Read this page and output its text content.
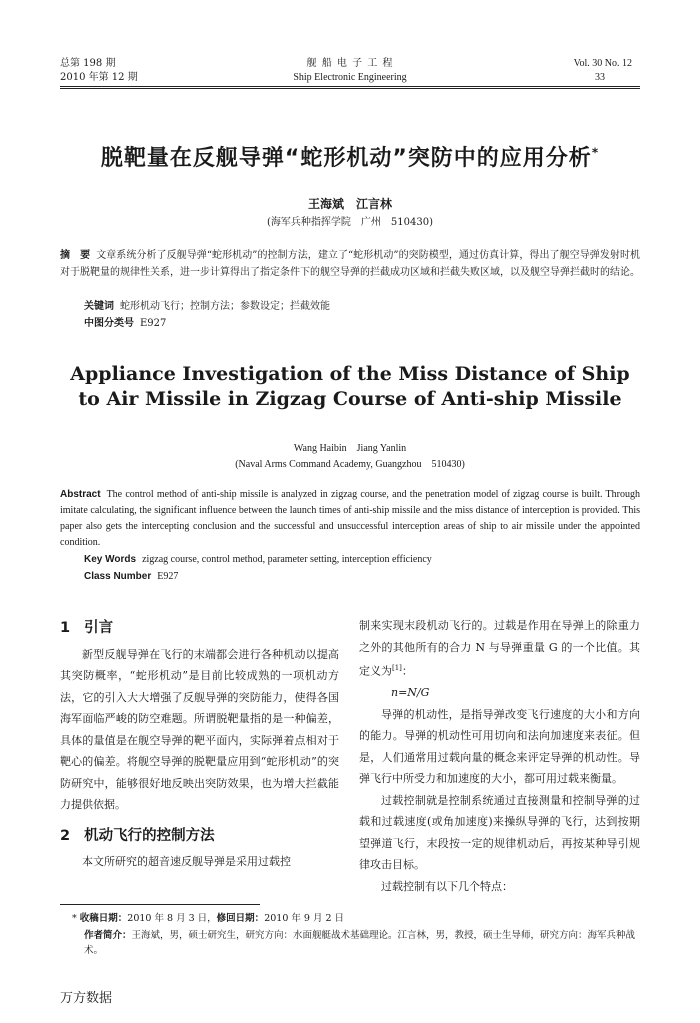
总第 198 期
2010 年第 12 期
舰 船 电 子 工 程
Ship Electronic Engineering
Vol. 30 No. 12
33
脱靶量在反舰导弹“蛇形机动”突防中的应用分析*
王海斌　江言林
(海军兵种指挥学院　广州　510430)
摘　要 文章系统分析了反舰导弹“蛇形机动”的控制方法，建立了“蛇形机动”的突防模型，通过仿真计算，得出了舰空导弹发射时机对于脱靶量的规律性关系，进一步计算得出了指定条件下的舰空导弹的拦截成功区域和拦截失败区域，以及舰空导弹拦截时的结论。
关键词 蛇形机动飞行；控制方法；参数设定；拦截效能
中图分类号 E927
Appliance Investigation of the Miss Distance of Ship to Air Missile in Zigzag Course of Anti-ship Missile
Wang Haibin　Jiang Yanlin
(Naval Arms Command Academy, Guangzhou　510430)
Abstract The control method of anti-ship missile is analyzed in zigzag course, and the penetration model of zigzag course is built. Through imitate calculating, the significant influence between the launch times of anti-ship missile and the miss distance of interception is provided. This paper also gets the intercepting conclusion and the successful and unsuccessful interception areas of ship to air missile under the appointed condition.
Key Words zigzag course, control method, parameter setting, interception efficiency
Class Number E927
1 引言

新型反舰导弹在飞行的末端都会进行各种机动以提高其突防概率，“蛇形机动”是目前比较成熟的一项机动方法，它的引入大大增强了反舰导弹的突防能力，使得各国海军面临严峻的防空难题。所谓脱靶量指的是一种偏差，具体的量值是在舰空导弹的靶平面内，实际弹着点相对于靶心的偏差。将舰空导弹的脱靶量应用到“蛇形机动”的突防研究中，能够很好地反映出突防效果，也为增大拦截能力提供依据。

2 机动飞行的控制方法

本文所研究的超音速反舰导弹是采用过载控

制来实现末段机动飞行的。过载是作用在导弹上的除重力之外的其他所有的合力 N 与导弹重量 G 的一个比值。其定义为[1]：

n=N/G

导弹的机动性，是指导弹改变飞行速度的大小和方向的能力。导弹的机动性可用切向和法向加速度来表征。但是，人们通常用过载向量的概念来评定导弹的机动性。导弹飞行中所受力和加速度的大小，都可用过载来衡量。

过载控制就是控制系统通过直接测量和控制导弹的过载和过载速度(或角加速度)来操纵导弹的飞行，达到按期望弹道飞行，末段按一定的规律机动后，再按某种导引规律攻击目标。

过载控制有以下几个特点：

* 收稿日期：2010 年 8 月 3 日，修回日期：2010 年 9 月 2 日
作者简介：王海斌，男，硕士研究生，研究方向：水面舰艇战术基础理论。江言林，男，教授，硕士生导师，研究方向：海军兵种战术。
万方数据
